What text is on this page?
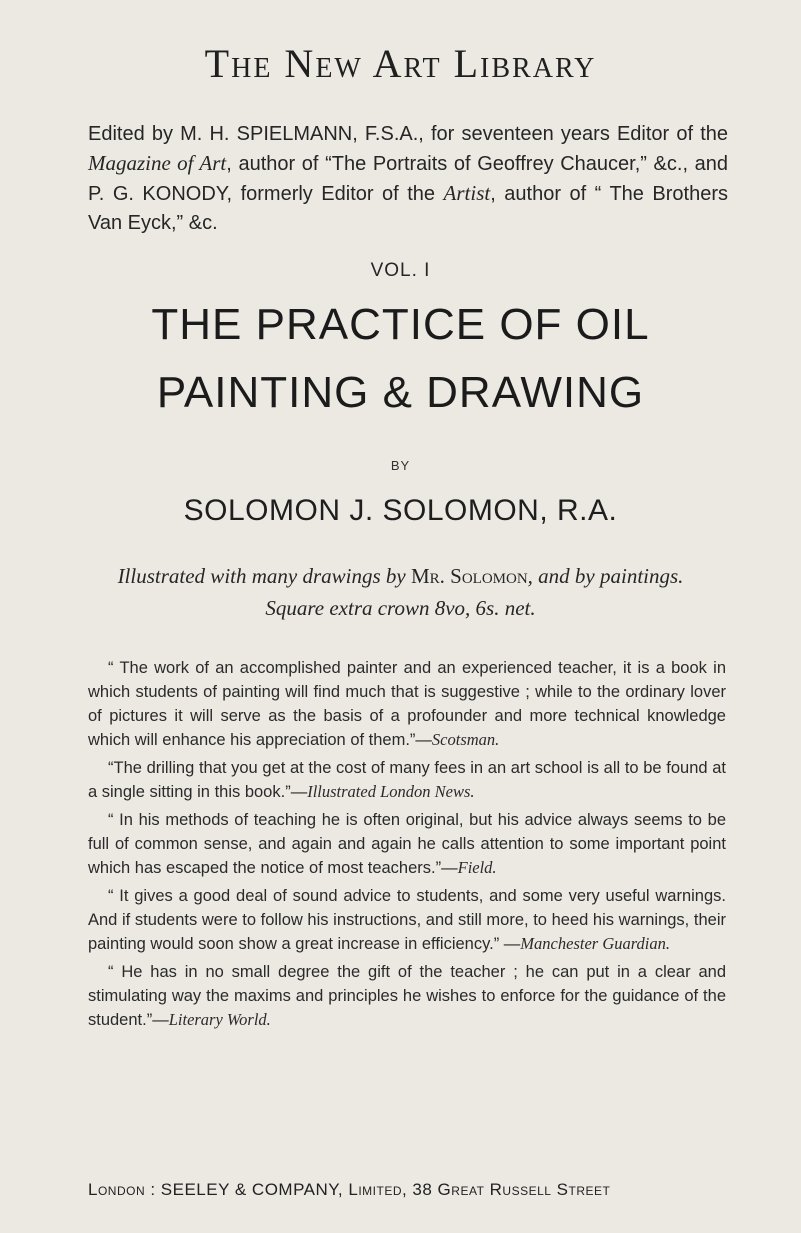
The New Art Library
Edited by M. H. SPIELMANN, F.S.A., for seventeen years Editor of the Magazine of Art, author of “The Portraits of Geoffrey Chaucer,” &c., and P. G. KONODY, formerly Editor of the Artist, author of “ The Brothers Van Eyck,” &c.
VOL. I
THE PRACTICE OF OIL
PAINTING & DRAWING
BY
SOLOMON J. SOLOMON, R.A.
Illustrated with many drawings by Mr. Solomon, and by paintings.
Square extra crown 8vo, 6s. net.

“ The work of an accomplished painter and an experienced teacher, it is a book in which students of painting will find much that is suggestive ; while to the ordinary lover of pictures it will serve as the basis of a profounder and more technical knowledge which will enhance his appreciation of them.”—Scotsman.

“The drilling that you get at the cost of many fees in an art school is all to be found at a single sitting in this book.”—Illustrated London News.

“ In his methods of teaching he is often original, but his advice always seems to be full of common sense, and again and again he calls attention to some important point which has escaped the notice of most teachers.”—Field.

“ It gives a good deal of sound advice to students, and some very useful warnings. And if students were to follow his instructions, and still more, to heed his warnings, their painting would soon show a great increase in efficiency.” —Manchester Guardian.

“ He has in no small degree the gift of the teacher ; he can put in a clear and stimulating way the maxims and principles he wishes to enforce for the guidance of the student.”—Literary World.

London : SEELEY & COMPANY, Limited, 38 Great Russell Street
